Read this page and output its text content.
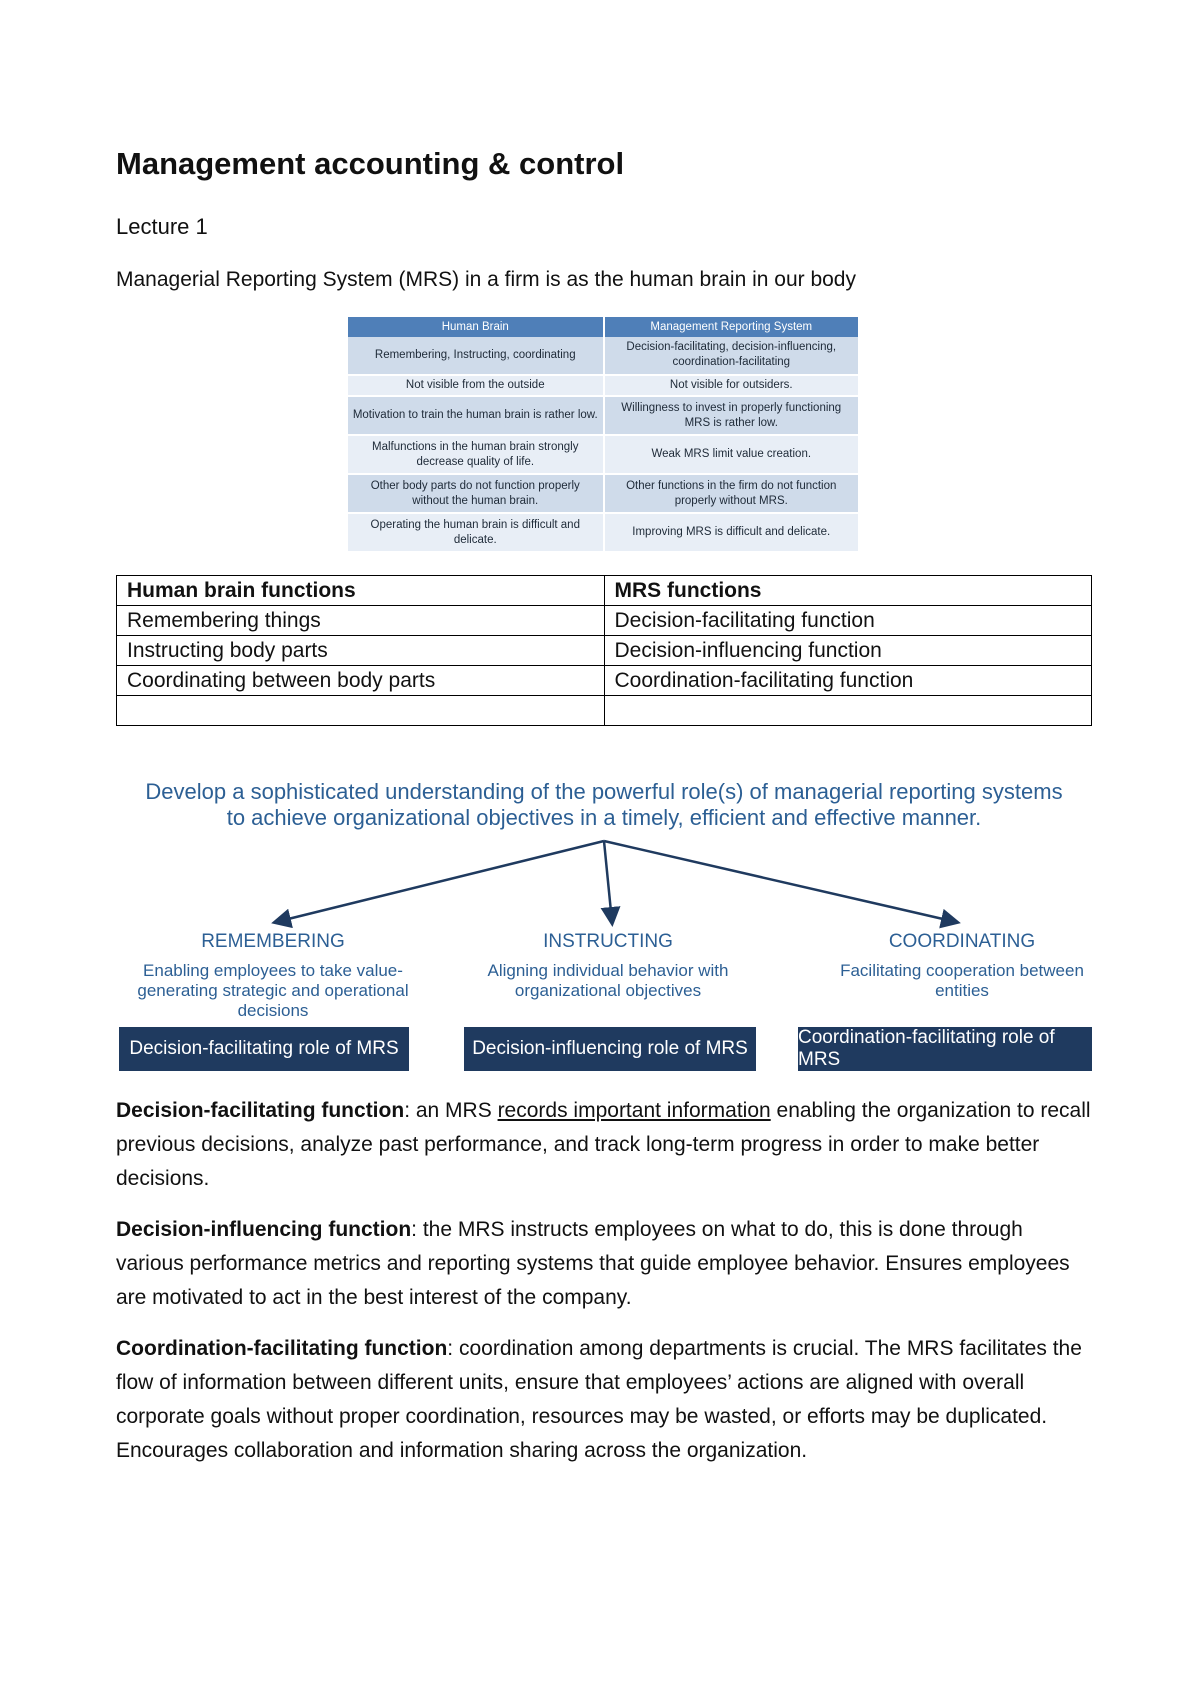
Management accounting & control

Lecture 1

Managerial Reporting System (MRS) in a firm is as the human brain in our body

Human Brain	Management Reporting System
Remembering, Instructing, coordinating	Decision-facilitating, decision-influencing, coordination-facilitating
Not visible from the outside	Not visible for outsiders.
Motivation to train the human brain is rather low.	Willingness to invest in properly functioning MRS is rather low.
Malfunctions in the human brain strongly decrease quality of life.	Weak MRS limit value creation.
Other body parts do not function properly without the human brain.	Other functions in the firm do not function properly without MRS.
Operating the human brain is difficult and delicate.	Improving MRS is difficult and delicate.
Human brain functions	MRS functions
Remembering things	Decision-facilitating function
Instructing body parts	Decision-influencing function
Coordinating between body parts	Coordination-facilitating function

Develop a sophisticated understanding of the powerful role(s) of managerial reporting systems
to achieve organizational objectives in a timely, efficient and effective manner.
REMEMBERING
Enabling employees to take value-generating strategic and operational decisions
Decision-facilitating role of MRS
INSTRUCTING
Aligning individual behavior with organizational objectives
Decision-influencing role of MRS
COORDINATING
Facilitating cooperation between entities
Coordination-facilitating role of MRS

Decision-facilitating function: an MRS records important information enabling the organization to recall previous decisions, analyze past performance, and track long-term progress in order to make better decisions.

Decision-influencing function: the MRS instructs employees on what to do, this is done through various performance metrics and reporting systems that guide employee behavior. Ensures employees are motivated to act in the best interest of the company.

Coordination-facilitating function: coordination among departments is crucial. The MRS facilitates the flow of information between different units, ensure that employees’ actions are aligned with overall corporate goals without proper coordination, resources may be wasted, or efforts may be duplicated. Encourages collaboration and information sharing across the organization.
